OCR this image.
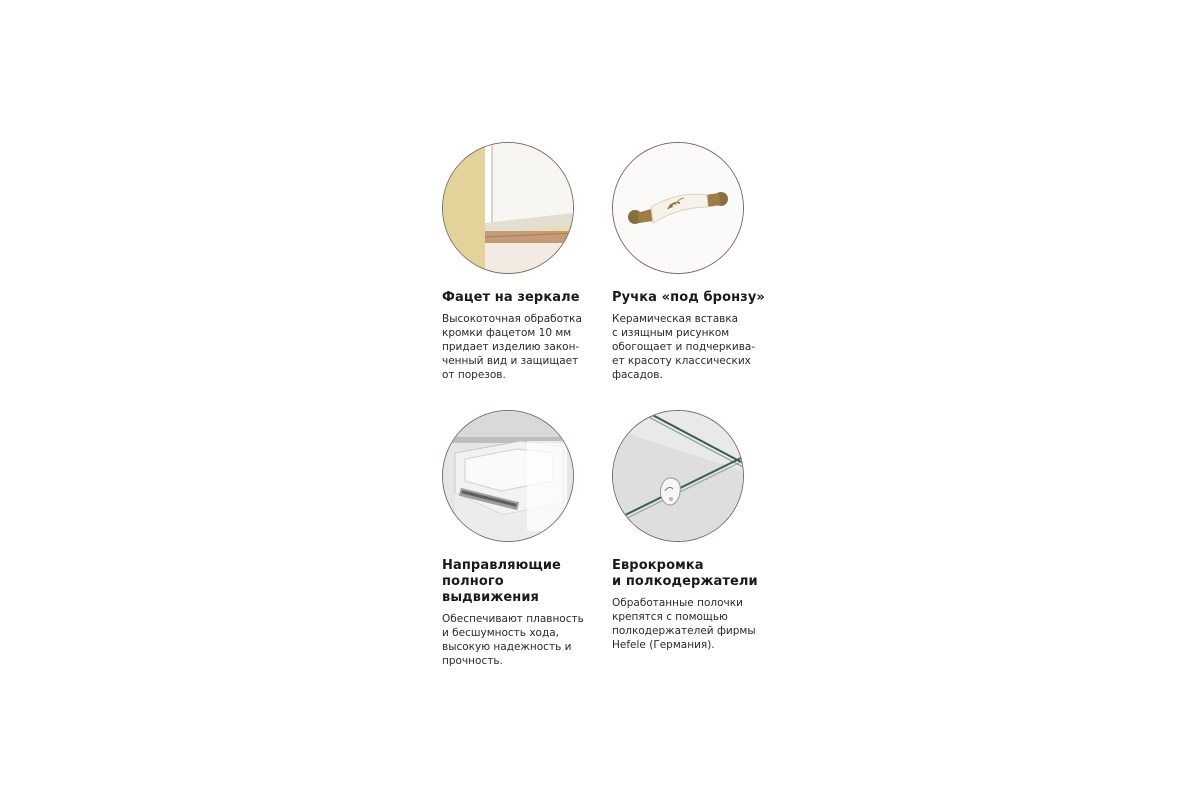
Фацет на зеркале
Высокоточная обработка
кромки фацетом 10 мм
придает изделию закон-
ченный вид и защищает
от порезов.
Ручка «под бронзу»
Керамическая вставка
с изящным рисунком
обогощает и подчеркива-
ет красоту классических
фасадов.
Направляющие
полного
выдвижения
Обеспечивают плавность
и бесшумность хода,
высокую надежность и
прочность.
Еврокромка
и полкодержатели
Обработанные полочки
крепятся с помощью
полкодержателей фирмы
Hefele (Германия).
